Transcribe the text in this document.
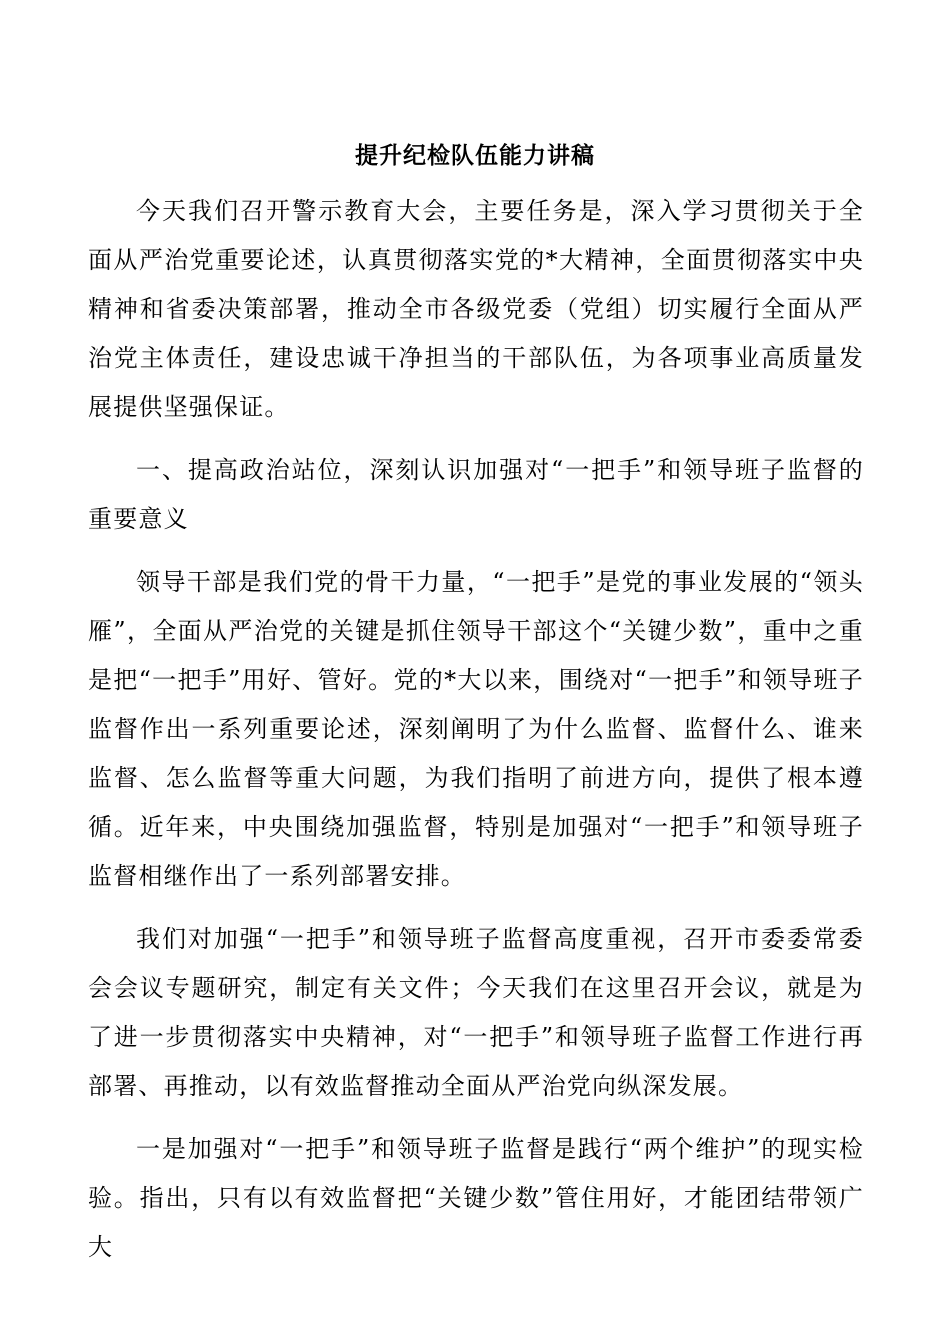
提升纪检队伍能力讲稿

今天我们召开警示教育大会，主要任务是，深入学习贯彻关于全面从严治党重要论述，认真贯彻落实党的*大精神，全面贯彻落实中央精神和省委决策部署，推动全市各级党委（党组）切实履行全面从严治党主体责任，建设忠诚干净担当的干部队伍，为各项事业高质量发展提供坚强保证。

一、提高政治站位，深刻认识加强对“一把手”和领导班子监督的重要意义

领导干部是我们党的骨干力量，“一把手”是党的事业发展的“领头雁”，全面从严治党的关键是抓住领导干部这个“关键少数”，重中之重是把“一把手”用好、管好。党的*大以来，围绕对“一把手”和领导班子监督作出一系列重要论述，深刻阐明了为什么监督、监督什么、谁来监督、怎么监督等重大问题，为我们指明了前进方向，提供了根本遵循。近年来，中央围绕加强监督，特别是加强对“一把手”和领导班子监督相继作出了一系列部署安排。

我们对加强“一把手”和领导班子监督高度重视，召开市委委常委会会议专题研究，制定有关文件；今天我们在这里召开会议，就是为了进一步贯彻落实中央精神，对“一把手”和领导班子监督工作进行再部署、再推动，以有效监督推动全面从严治党向纵深发展。

一是加强对“一把手”和领导班子监督是践行“两个维护”的现实检验。指出，只有以有效监督把“关键少数”管住用好，才能团结带领广大
